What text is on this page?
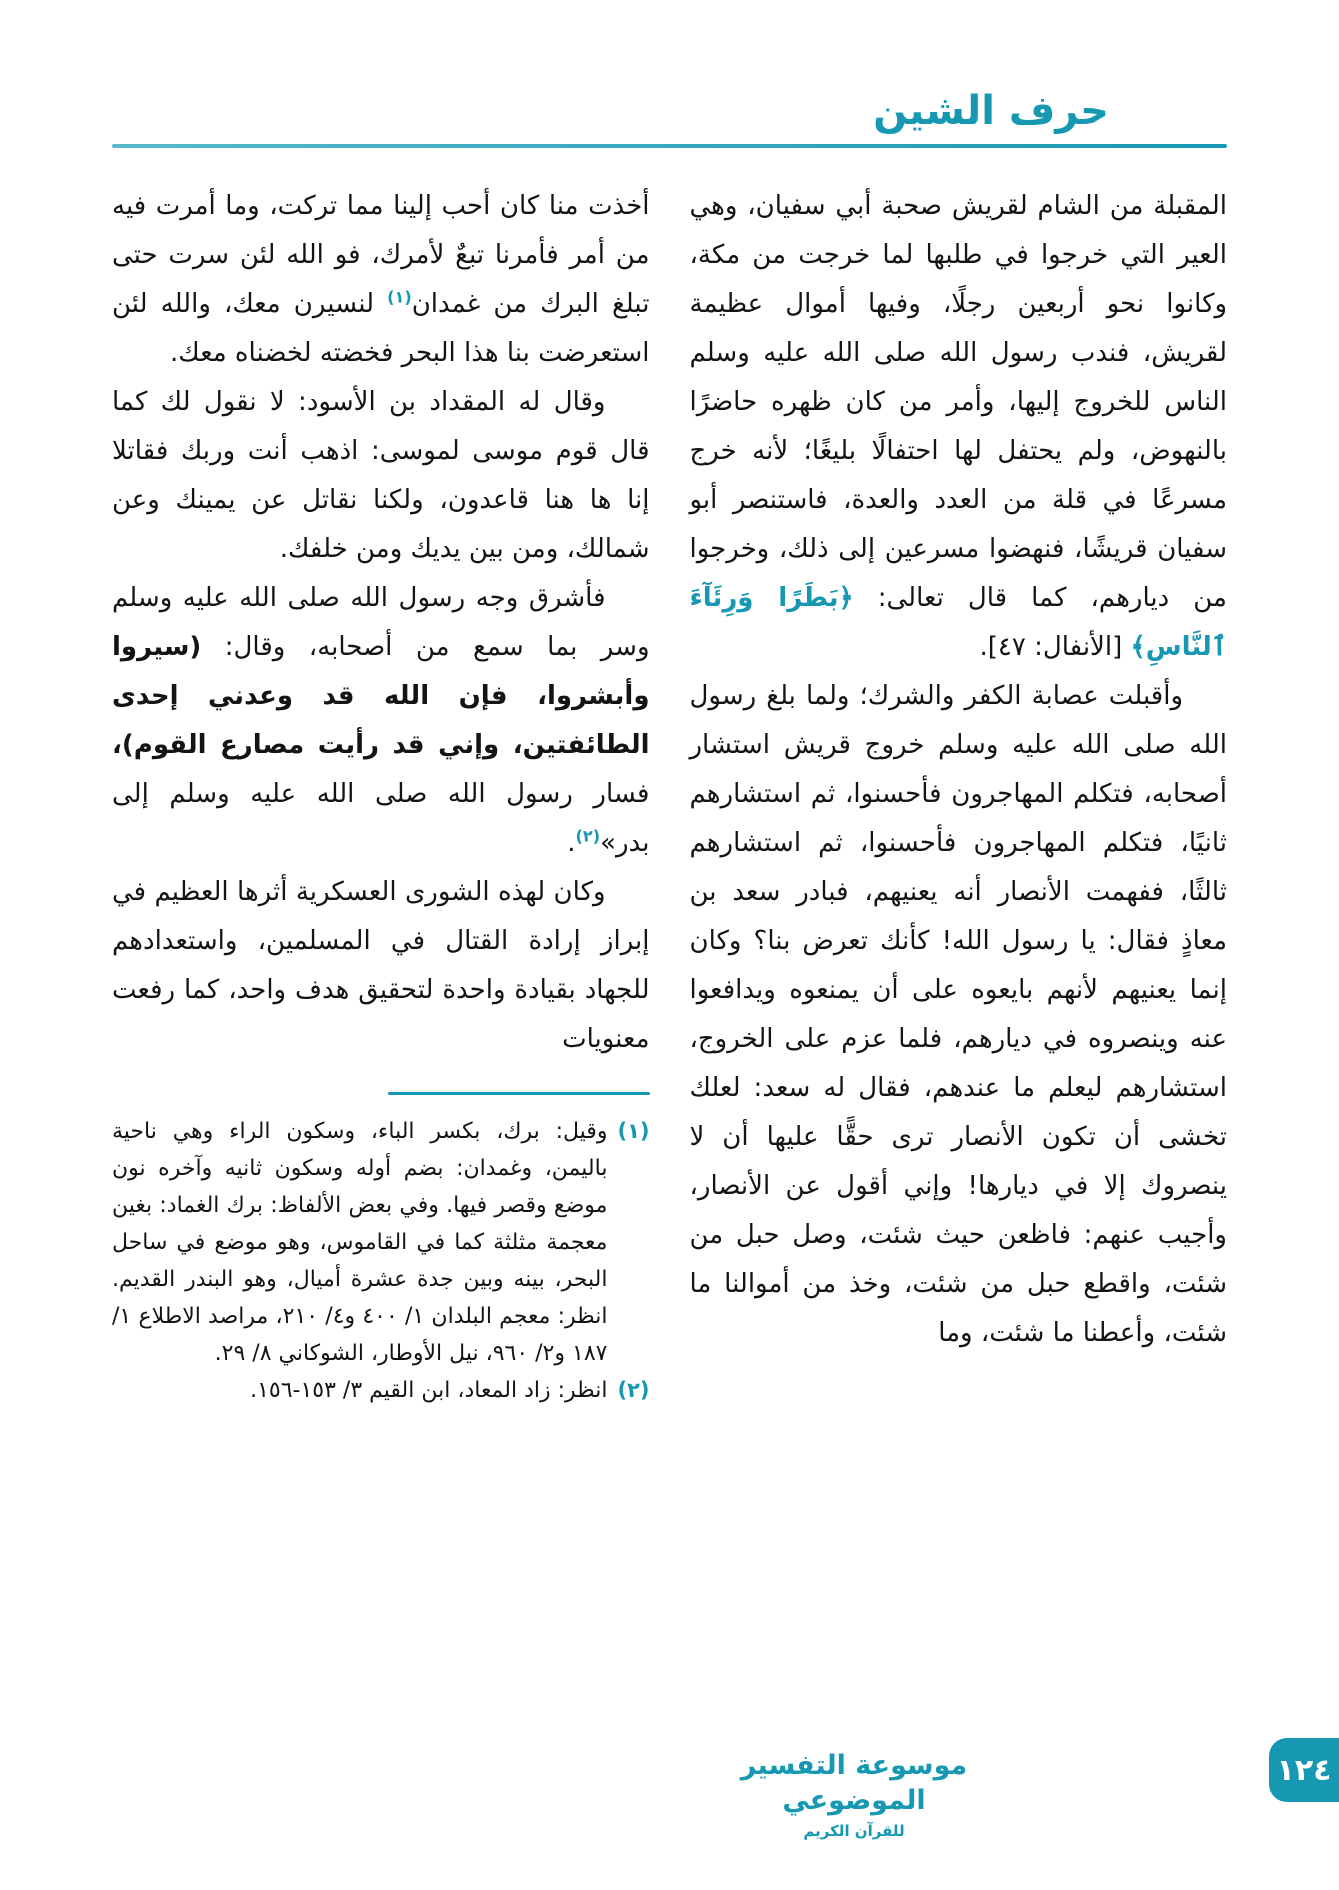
حرف الشين

المقبلة من الشام لقريش صحبة أبي سفيان، وهي العير التي خرجوا في طلبها لما خرجت من مكة، وكانوا نحو أربعين رجلًا، وفيها أموال عظيمة لقريش، فندب رسول الله صلى الله عليه وسلم الناس للخروج إليها، وأمر من كان ظهره حاضرًا بالنهوض، ولم يحتفل لها احتفالًا بليغًا؛ لأنه خرج مسرعًا في قلة من العدد والعدة، فاستنصر أبو سفيان قريشًا، فنهضوا مسرعين إلى ذلك، وخرجوا من ديارهم، كما قال تعالى: ﴿بَطَرًا وَرِئَآءَ ٱلنَّاسِ﴾ [الأنفال: ٤٧].

وأقبلت عصابة الكفر والشرك؛ ولما بلغ رسول الله صلى الله عليه وسلم خروج قريش استشار أصحابه، فتكلم المهاجرون فأحسنوا، ثم استشارهم ثانيًا، فتكلم المهاجرون فأحسنوا، ثم استشارهم ثالثًا، ففهمت الأنصار أنه يعنيهم، فبادر سعد بن معاذٍ فقال: يا رسول الله! كأنك تعرض بنا؟ وكان إنما يعنيهم لأنهم بايعوه على أن يمنعوه ويدافعوا عنه وينصروه في ديارهم، فلما عزم على الخروج، استشارهم ليعلم ما عندهم، فقال له سعد: لعلك تخشى أن تكون الأنصار ترى حقًّا عليها أن لا ينصروك إلا في ديارها! وإني أقول عن الأنصار، وأجيب عنهم: فاظعن حيث شئت، وصل حبل من شئت، واقطع حبل من شئت، وخذ من أموالنا ما شئت، وأعطنا ما شئت، وما

أخذت منا كان أحب إلينا مما تركت، وما أمرت فيه من أمر فأمرنا تبعٌ لأمرك، فو الله لئن سرت حتى تبلغ البرك من غمدان$^{(١)}$ لنسيرن معك، والله لئن استعرضت بنا هذا البحر فخضته لخضناه معك.

وقال له المقداد بن الأسود: لا نقول لك كما قال قوم موسى لموسى: اذهب أنت وربك فقاتلا إنا ها هنا قاعدون، ولكنا نقاتل عن يمينك وعن شمالك، ومن بين يديك ومن خلفك.

فأشرق وجه رسول الله صلى الله عليه وسلم وسر بما سمع من أصحابه، وقال: (سيروا وأبشروا، فإن الله قد وعدني إحدى الطائفتين، وإني قد رأيت مصارع القوم)، فسار رسول الله صلى الله عليه وسلم إلى بدر»$^{(٢)}$.

وكان لهذه الشورى العسكرية أثرها العظيم في إبراز إرادة القتال في المسلمين، واستعدادهم للجهاد بقيادة واحدة لتحقيق هدف واحد، كما رفعت معنويات

(١)
وقيل: برك، بكسر الباء، وسكون الراء وهي ناحية باليمن، وغمدان: بضم أوله وسكون ثانيه وآخره نون موضع وقصر فيها. وفي بعض الألفاظ: برك الغماد: بغين معجمة مثلثة كما في القاموس، وهو موضع في ساحل البحر، بينه وبين جدة عشرة أميال، وهو البندر القديم. انظر: معجم البلدان ١/ ٤٠٠ و٤/ ٢١٠، مراصد الاطلاع ١/ ١٨٧ و٢/ ٩٦٠، نيل الأوطار، الشوكاني ٨/ ٢٩.
(٢)
انظر: زاد المعاد، ابن القيم ٣/ ١٥٣-١٥٦.
موسوعة التفسير الموضوعي
للقرآن الكريم
١٢٤
